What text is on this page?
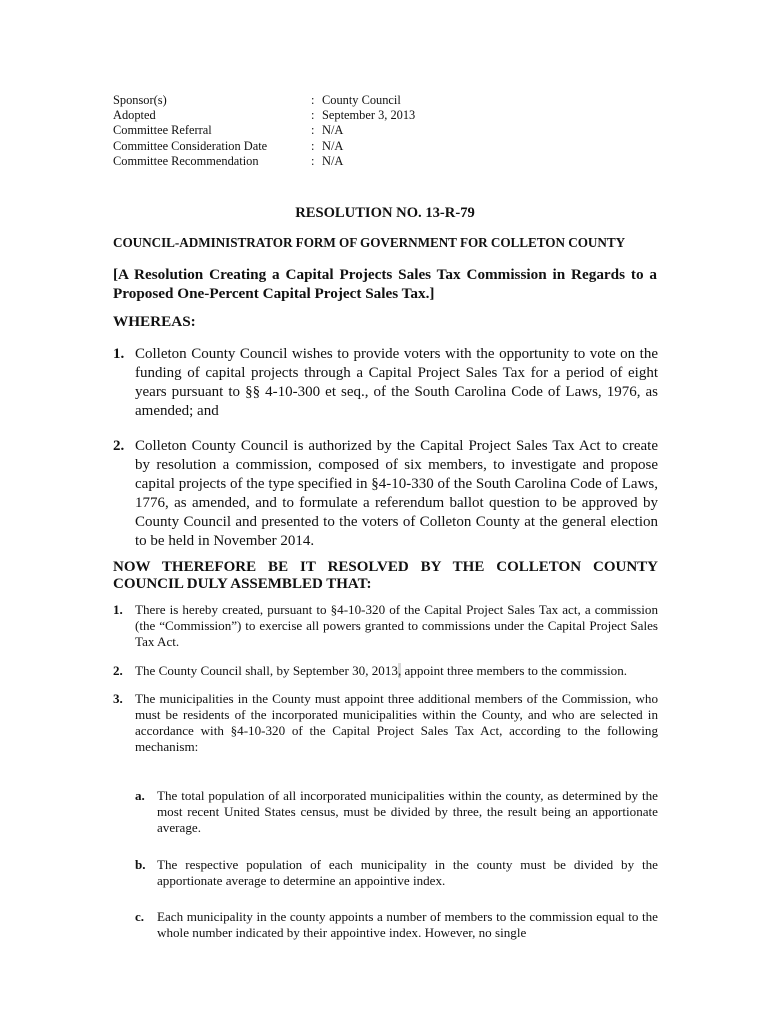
Sponsor(s)	: County Council
Adopted	: September 3, 2013
Committee Referral	: N/A
Committee Consideration Date	: N/A
Committee Recommendation	: N/A
RESOLUTION NO. 13-R-79
COUNCIL-ADMINISTRATOR FORM OF GOVERNMENT FOR COLLETON COUNTY
[A Resolution Creating a Capital Projects Sales Tax Commission in Regards to a Proposed One-Percent Capital Project Sales Tax.]
WHEREAS:
1. Colleton County Council wishes to provide voters with the opportunity to vote on the funding of capital projects through a Capital Project Sales Tax for a period of eight years pursuant to §§ 4-10-300 et seq., of the South Carolina Code of Laws, 1976, as amended; and
2. Colleton County Council is authorized by the Capital Project Sales Tax Act to create by resolution a commission, composed of six members, to investigate and propose capital projects of the type specified in §4-10-330 of the South Carolina Code of Laws, 1776, as amended, and to formulate a referendum ballot question to be approved by County Council and presented to the voters of Colleton County at the general election to be held in November 2014.
NOW THEREFORE BE IT RESOLVED BY THE COLLETON COUNTY
COUNCIL DULY ASSEMBLED THAT:
1. There is hereby created, pursuant to §4-10-320 of the Capital Project Sales Tax act, a commission (the “Commission”) to exercise all powers granted to commissions under the Capital Project Sales Tax Act.
2. The County Council shall, by September 30, 2013, appoint three members to the commission.
3. The municipalities in the County must appoint three additional members of the Commission, who must be residents of the incorporated municipalities within the County, and who are selected in accordance with §4-10-320 of the Capital Project Sales Tax Act, according to the following mechanism:
a. The total population of all incorporated municipalities within the county, as determined by the most recent United States census, must be divided by three, the result being an apportionate average.
b. The respective population of each municipality in the county must be divided by the apportionate average to determine an appointive index.
c. Each municipality in the county appoints a number of members to the commission equal to the whole number indicated by their appointive index. However, no single
